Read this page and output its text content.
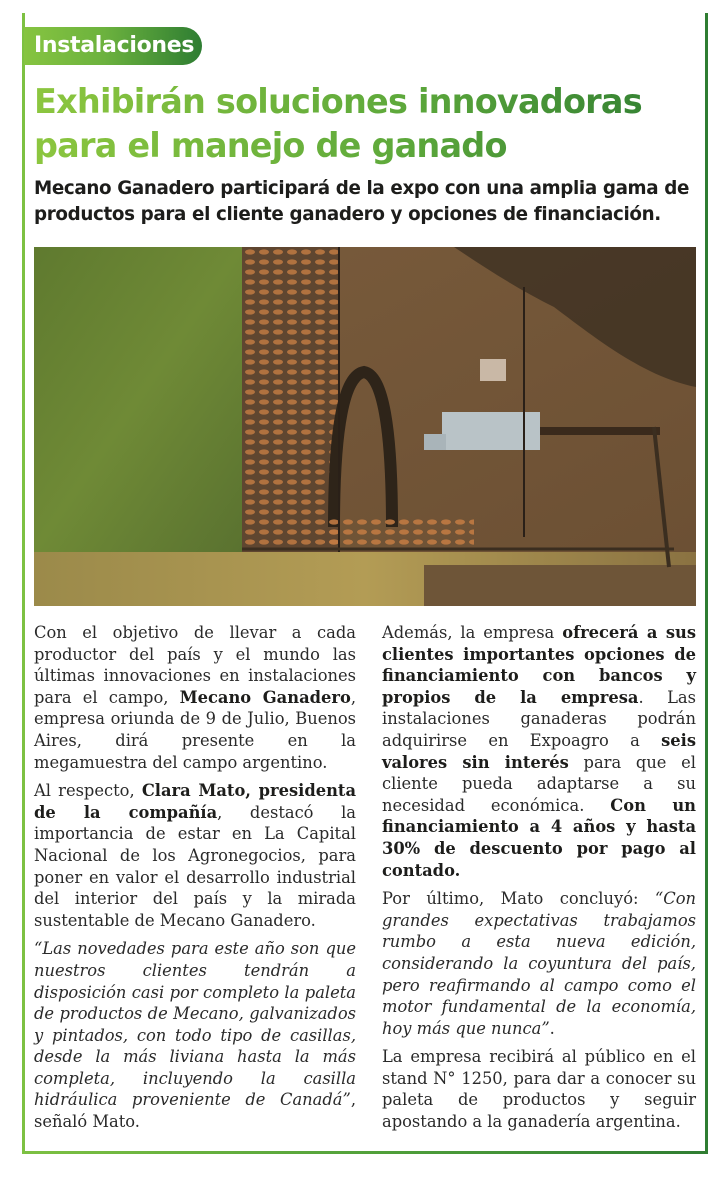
Instalaciones
Exhibirán soluciones innovadoras para el manejo de ganado
Mecano Ganadero participará de la expo con una amplia gama de productos para el cliente ganadero y opciones de financiación.

Con el objetivo de llevar a cada productor del país y el mundo las últimas innovaciones en instalaciones para el campo, Mecano Ganadero, empresa oriunda de 9 de Julio, Buenos Aires, dirá presente en la megamuestra del campo argentino.

Al respecto, Clara Mato, presidenta de la compañía, destacó la importancia de estar en La Capital Nacional de los Agronegocios, para poner en valor el desarrollo industrial del interior del país y la mirada sustentable de Mecano Ganadero.

“Las novedades para este año son que nuestros clientes tendrán a disposición casi por completo la paleta de productos de Mecano, galvanizados y pintados, con todo tipo de casillas, desde la más liviana hasta la más completa, incluyendo la casilla hidráulica proveniente de Canadá”, señaló Mato.

Además, la empresa ofrecerá a sus clientes importantes opciones de financiamiento con bancos y propios de la empresa. Las instalaciones ganaderas podrán adquirirse en Expoagro a seis valores sin interés para que el cliente pueda adaptarse a su necesidad económica. Con un financiamiento a 4 años y hasta 30% de descuento por pago al contado.

Por último, Mato concluyó: “Con grandes expectativas trabajamos rumbo a esta nueva edición, considerando la coyuntura del país, pero reafirmando al campo como el motor fundamental de la economía, hoy más que nunca”.

La empresa recibirá al público en el stand N° 1250, para dar a conocer su paleta de productos y seguir apostando a la ganadería argentina.
